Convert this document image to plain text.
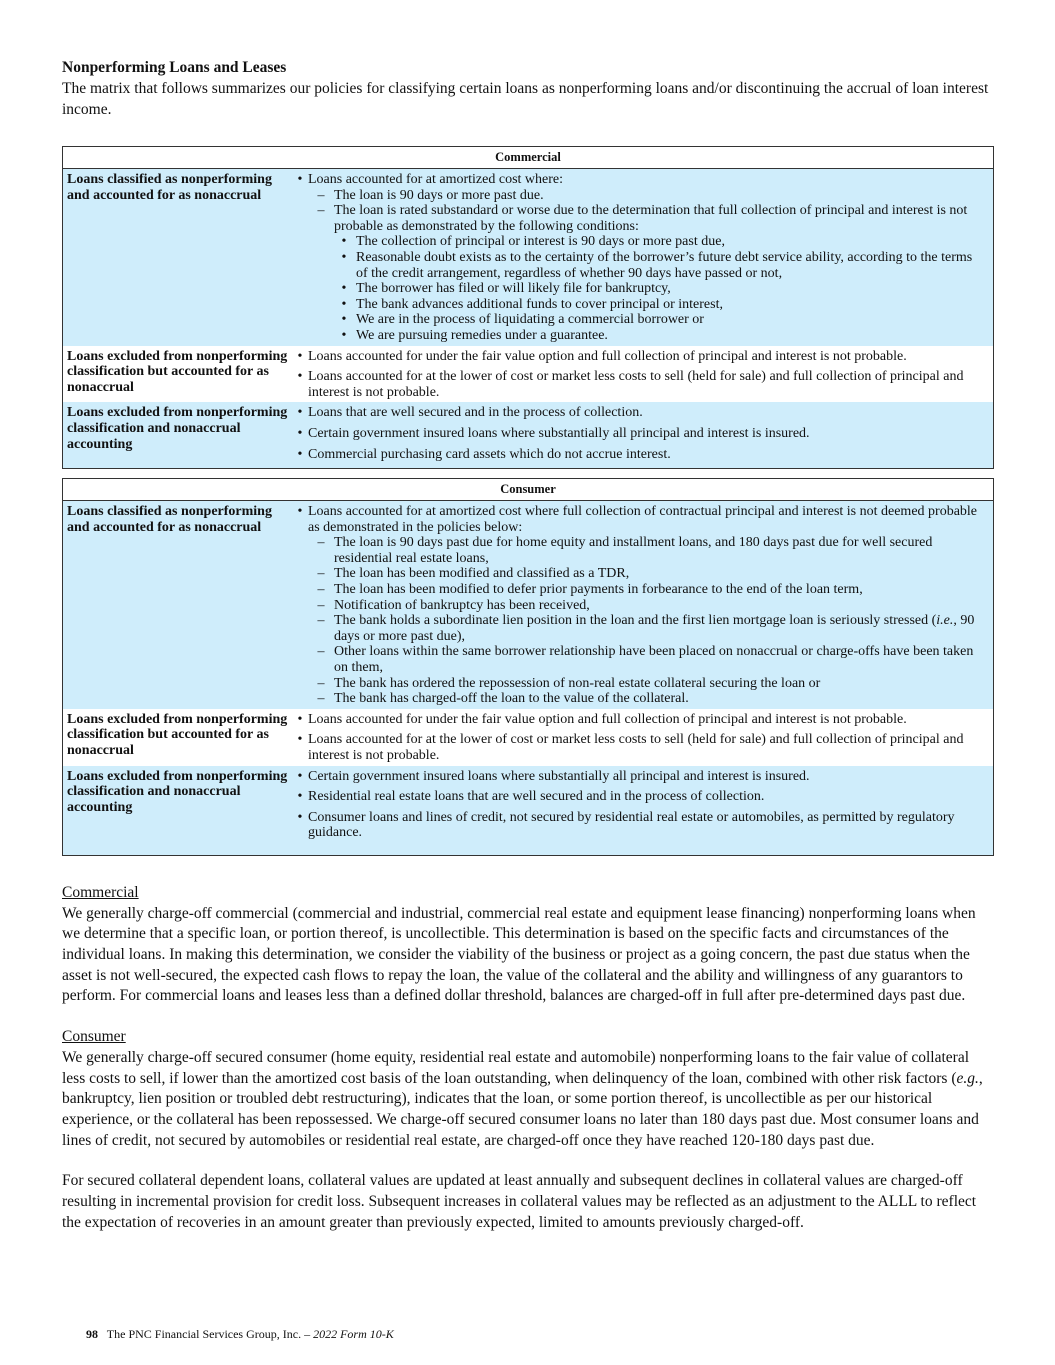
Nonperforming Loans and Leases
The matrix that follows summarizes our policies for classifying certain loans as nonperforming loans and/or discontinuing the accrual of loan interest income.
Commercial
Loans classified as nonperforming and accounted for as nonaccrual
• Loans accounted for at amortized cost where:
– The loan is 90 days or more past due.
– The loan is rated substandard or worse due to the determination that full collection of principal and interest is not probable as demonstrated by the following conditions:
• The collection of principal or interest is 90 days or more past due,
• Reasonable doubt exists as to the certainty of the borrower’s future debt service ability, according to the terms of the credit arrangement, regardless of whether 90 days have passed or not,
• The borrower has filed or will likely file for bankruptcy,
• The bank advances additional funds to cover principal or interest,
• We are in the process of liquidating a commercial borrower or
• We are pursuing remedies under a guarantee.
Loans excluded from nonperforming classification but accounted for as nonaccrual
• Loans accounted for under the fair value option and full collection of principal and interest is not probable.
• Loans accounted for at the lower of cost or market less costs to sell (held for sale) and full collection of principal and interest is not probable.
Loans excluded from nonperforming classification and nonaccrual accounting
• Loans that are well secured and in the process of collection.
• Certain government insured loans where substantially all principal and interest is insured.
• Commercial purchasing card assets which do not accrue interest.
Consumer
Loans classified as nonperforming and accounted for as nonaccrual
• Loans accounted for at amortized cost where full collection of contractual principal and interest is not deemed probable as demonstrated in the policies below:
– The loan is 90 days past due for home equity and installment loans, and 180 days past due for well secured residential real estate loans,
– The loan has been modified and classified as a TDR,
– The loan has been modified to defer prior payments in forbearance to the end of the loan term,
– Notification of bankruptcy has been received,
– The bank holds a subordinate lien position in the loan and the first lien mortgage loan is seriously stressed (i.e., 90 days or more past due),
– Other loans within the same borrower relationship have been placed on nonaccrual or charge-offs have been taken on them,
– The bank has ordered the repossession of non-real estate collateral securing the loan or
– The bank has charged-off the loan to the value of the collateral.
Loans excluded from nonperforming classification but accounted for as nonaccrual
• Loans accounted for under the fair value option and full collection of principal and interest is not probable.
• Loans accounted for at the lower of cost or market less costs to sell (held for sale) and full collection of principal and interest is not probable.
Loans excluded from nonperforming classification and nonaccrual accounting
• Certain government insured loans where substantially all principal and interest is insured.
• Residential real estate loans that are well secured and in the process of collection.
• Consumer loans and lines of credit, not secured by residential real estate or automobiles, as permitted by regulatory guidance.
Commercial
We generally charge-off commercial (commercial and industrial, commercial real estate and equipment lease financing) nonperforming loans when we determine that a specific loan, or portion thereof, is uncollectible. This determination is based on the specific facts and circumstances of the individual loans. In making this determination, we consider the viability of the business or project as a going concern, the past due status when the asset is not well-secured, the expected cash flows to repay the loan, the value of the collateral and the ability and willingness of any guarantors to perform. For commercial loans and leases less than a defined dollar threshold, balances are charged-off in full after pre-determined days past due.
Consumer
We generally charge-off secured consumer (home equity, residential real estate and automobile) nonperforming loans to the fair value of collateral less costs to sell, if lower than the amortized cost basis of the loan outstanding, when delinquency of the loan, combined with other risk factors (e.g., bankruptcy, lien position or troubled debt restructuring), indicates that the loan, or some portion thereof, is uncollectible as per our historical experience, or the collateral has been repossessed. We charge-off secured consumer loans no later than 180 days past due. Most consumer loans and lines of credit, not secured by automobiles or residential real estate, are charged-off once they have reached 120-180 days past due.
For secured collateral dependent loans, collateral values are updated at least annually and subsequent declines in collateral values are charged-off resulting in incremental provision for credit loss. Subsequent increases in collateral values may be reflected as an adjustment to the ALLL to reflect the expectation of recoveries in an amount greater than previously expected, limited to amounts previously charged-off.
98 The PNC Financial Services Group, Inc. – 2022 Form 10-K
